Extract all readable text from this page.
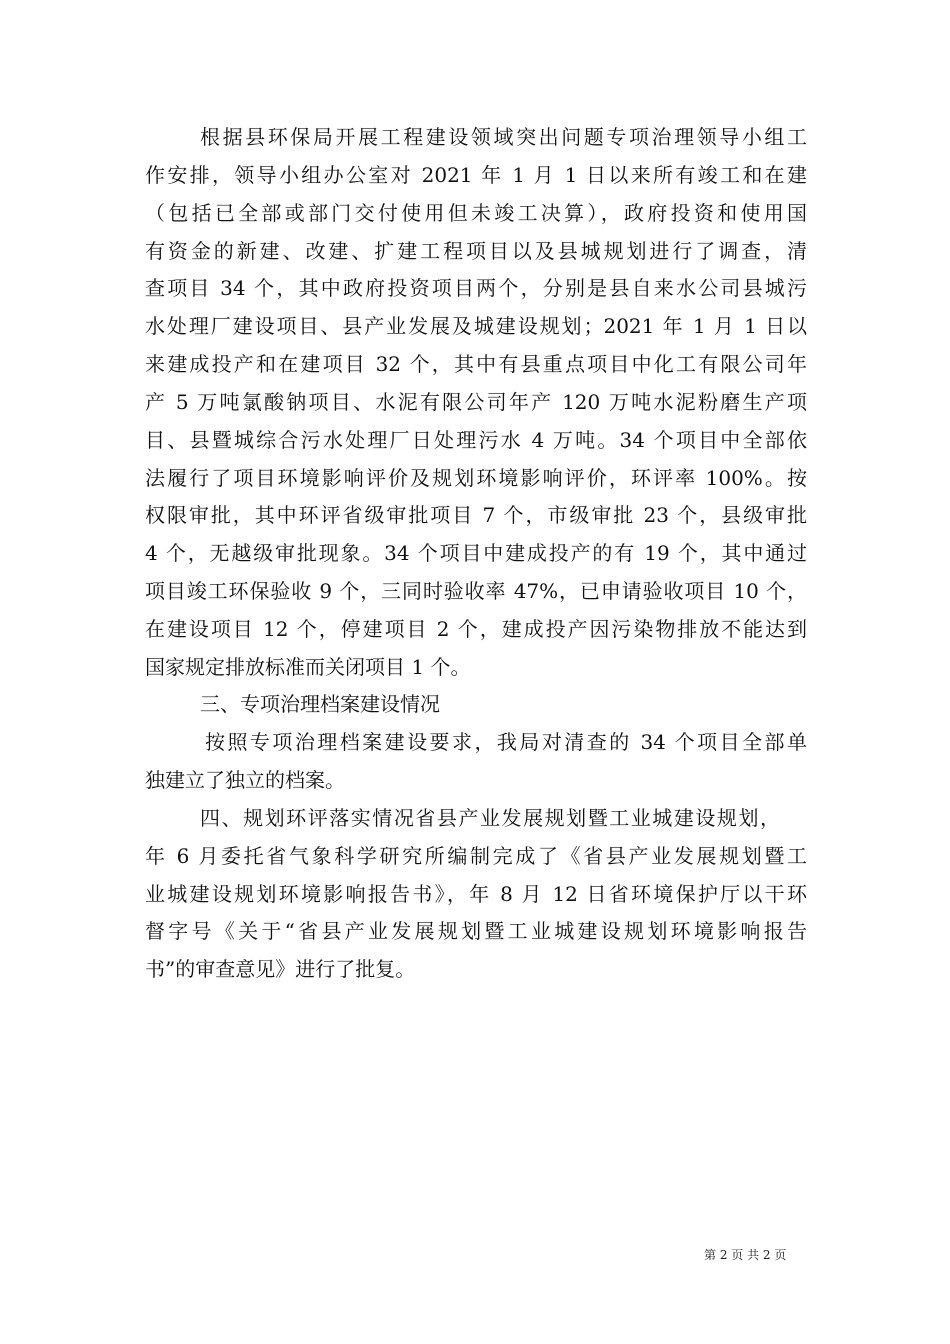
根据县环保局开展工程建设领域突出问题专项治理领导小组工
作安排，领导小组办公室对 2021 年 1 月 1 日以来所有竣工和在建
（包括已全部或部门交付使用但未竣工决算），政府投资和使用国
有资金的新建、改建、扩建工程项目以及县城规划进行了调查，清
查项目 34 个，其中政府投资项目两个，分别是县自来水公司县城污
水处理厂建设项目、县产业发展及城建设规划；2021 年 1 月 1 日以
来建成投产和在建项目 32 个，其中有县重点项目中化工有限公司年
产 5 万吨氯酸钠项目、水泥有限公司年产 120 万吨水泥粉磨生产项
目、县暨城综合污水处理厂日处理污水 4 万吨。34 个项目中全部依
法履行了项目环境影响评价及规划环境影响评价，环评率 100%。按
权限审批，其中环评省级审批项目 7 个，市级审批 23 个，县级审批
4 个，无越级审批现象。34 个项目中建成投产的有 19 个，其中通过
项目竣工环保验收 9 个，三同时验收率 47%，已申请验收项目 10 个，
在建设项目 12 个，停建项目 2 个，建成投产因污染物排放不能达到
国家规定排放标准而关闭项目 1 个。
三、专项治理档案建设情况
按照专项治理档案建设要求，我局对清查的 34 个项目全部单
独建立了独立的档案。
四、规划环评落实情况省县产业发展规划暨工业城建设规划，
年 6 月委托省气象科学研究所编制完成了《省县产业发展规划暨工
业城建设规划环境影响报告书》，年 8 月 12 日省环境保护厅以干环
督字号《关于“省县产业发展规划暨工业城建设规划环境影响报告
书”的审查意见》进行了批复。
第 2 页 共 2 页
